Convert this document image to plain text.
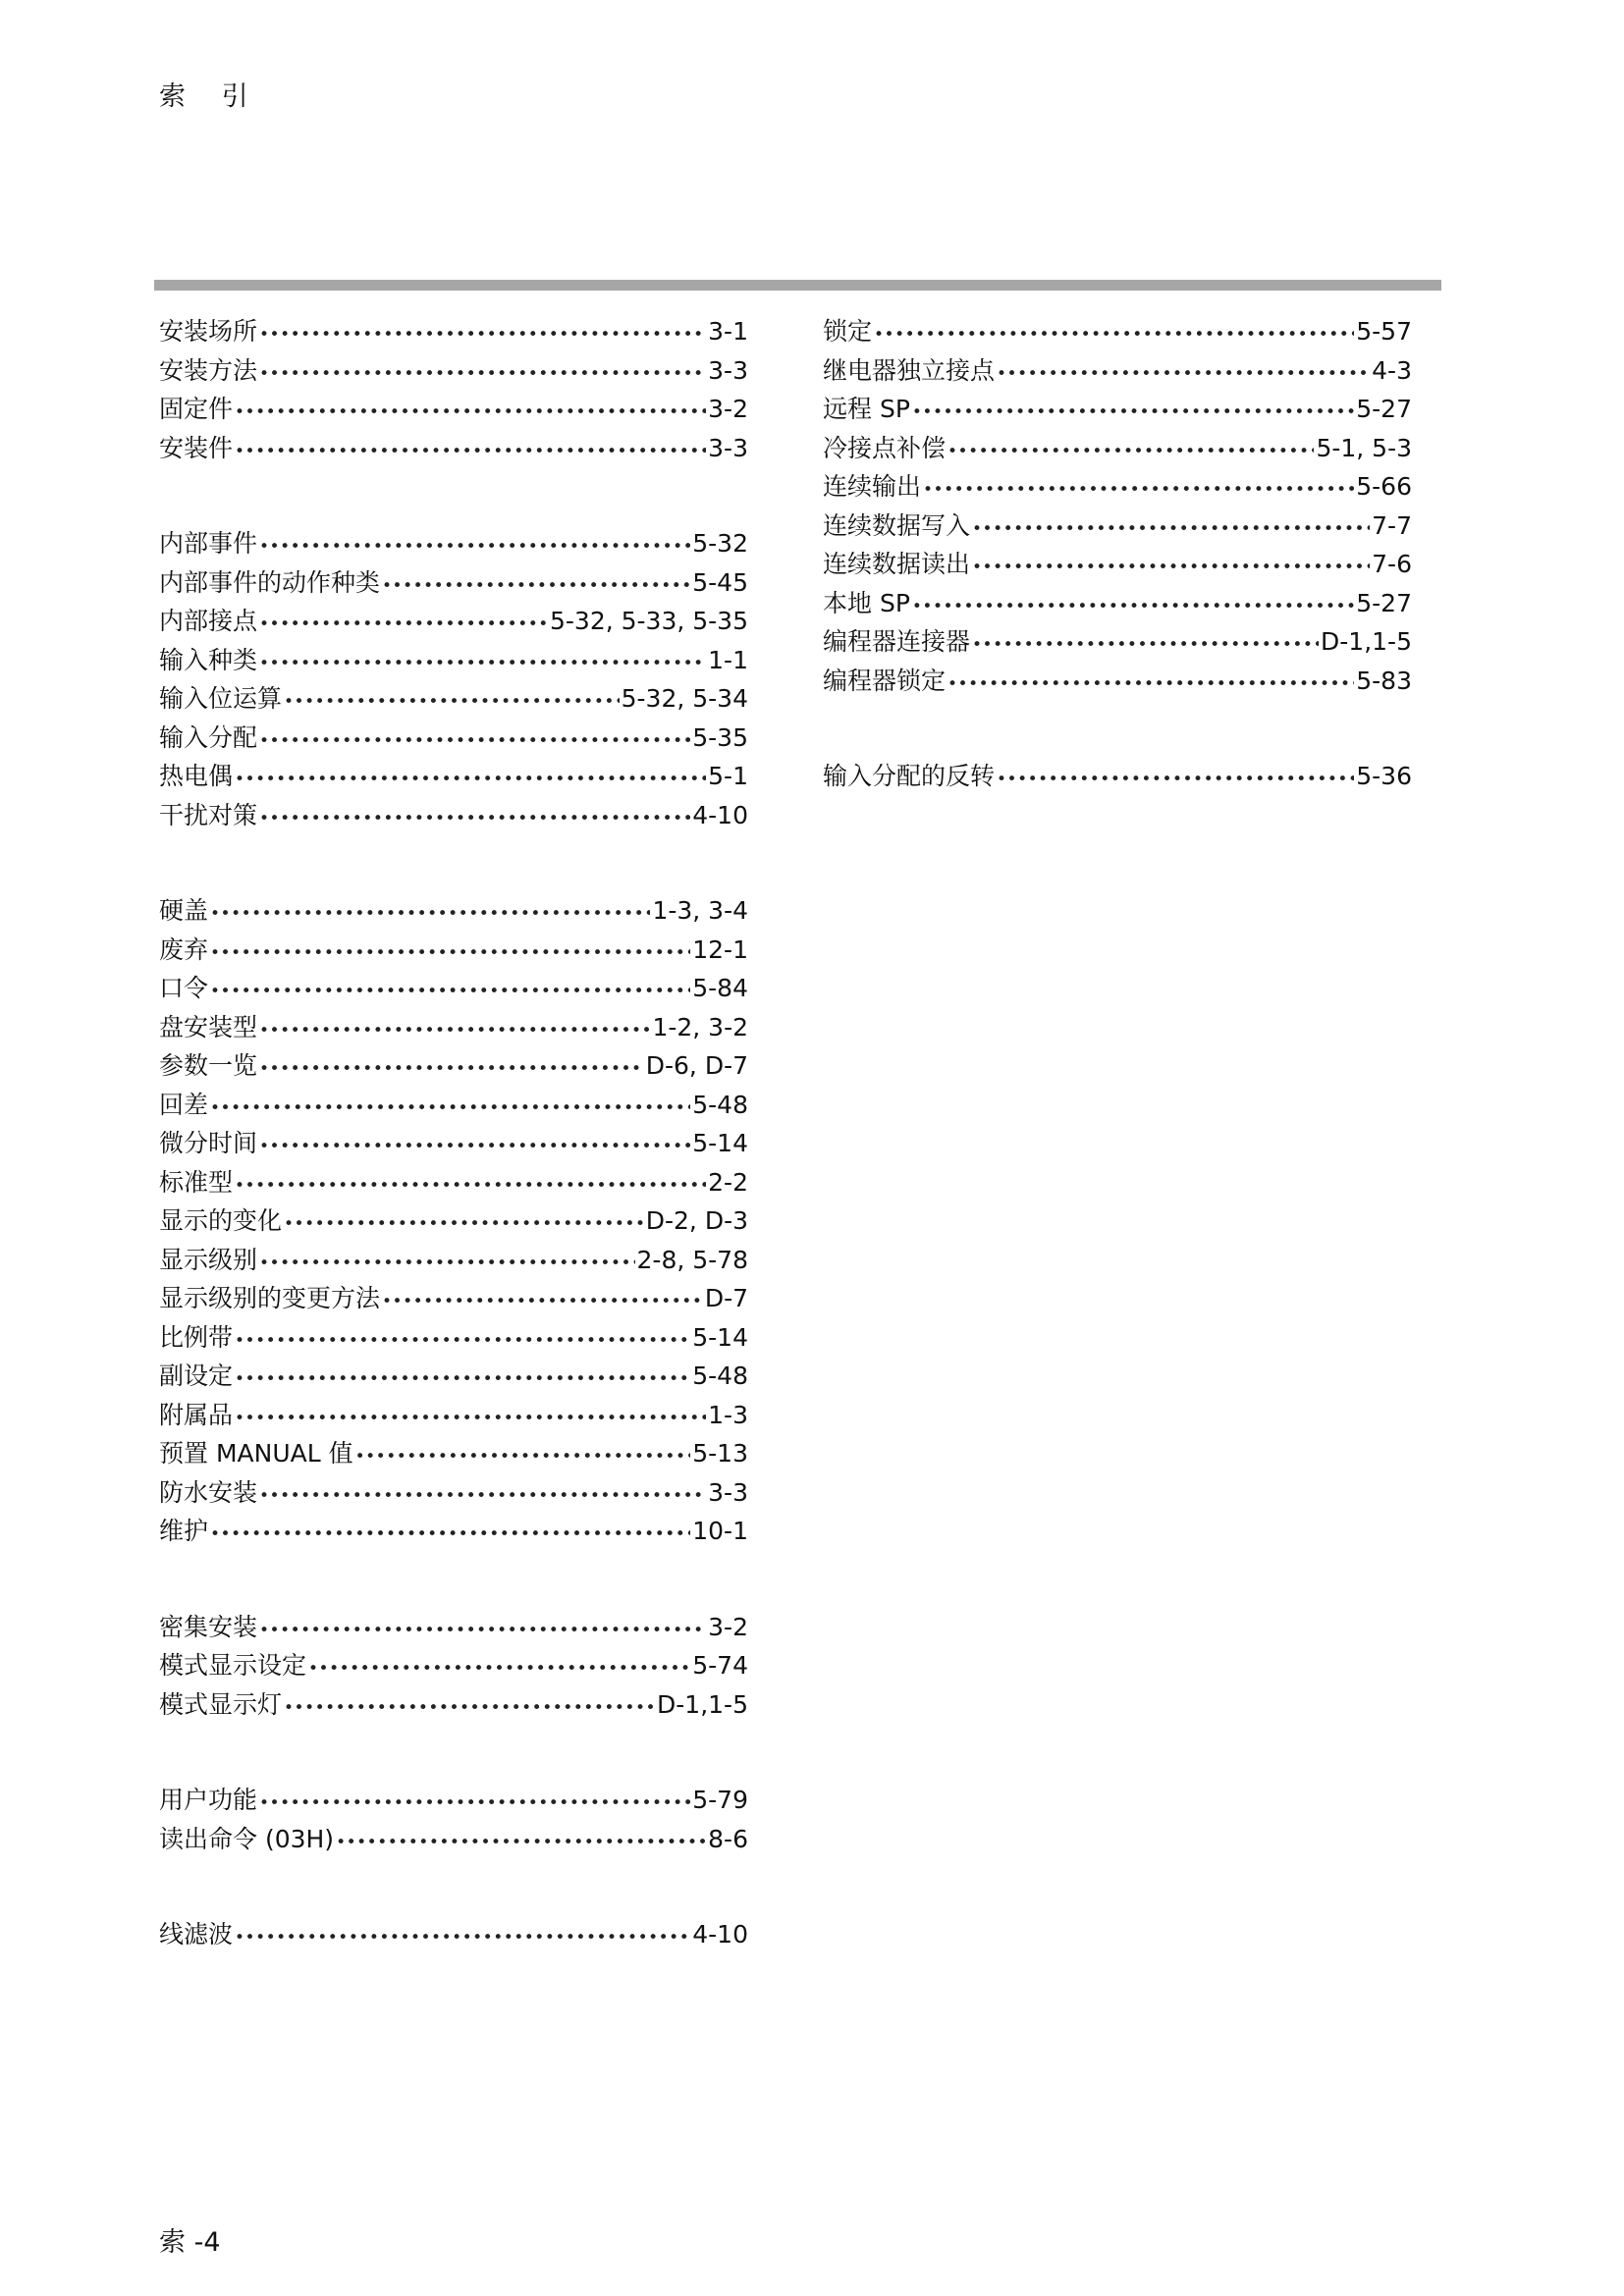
索 引
安装场所 •••••	3-1
安装方法 •••••	3-3
固定件 •••••	3-2
安装件 •••••	3-3
内部事件 •••••	5-32
内部事件的动作种类 •••••	5-45
内部接点 •••••	5-32, 5-33, 5-35
输入种类 •••••	1-1
输入位运算 •••••	5-32, 5-34
输入分配 •••••	5-35
热电偶 •••••	5-1
干扰对策 •••••	4-10
硬盖 •••••	1-3, 3-4
废弃 •••••	12-1
口令 •••••	5-84
盘安装型 •••••	1-2, 3-2
参数一览 •••••	D-6, D-7
回差 •••••	5-48
微分时间 •••••	5-14
标准型 •••••	2-2
显示的变化 •••••	D-2, D-3
显示级别 •••••	2-8, 5-78
显示级别的变更方法 •••••	D-7
比例带 •••••	5-14
副设定 •••••	5-48
附属品 •••••	1-3
预置 MANUAL 值 •••••	5-13
防水安装 •••••	3-3
维护 •••••	10-1
密集安装 •••••	3-2
模式显示设定 •••••	5-74
模式显示灯 •••••	D-1,1-5
用户功能 •••••	5-79
读出命令 (03H) •••••	8-6
线滤波 •••••	4-10
锁定 •••••	5-57
继电器独立接点 •••••	4-3
远程 SP •••••	5-27
冷接点补偿 •••••	5-1, 5-3
连续输出 •••••	5-66
连续数据写入 •••••	7-7
连续数据读出 •••••	7-6
本地 SP •••••	5-27
编程器连接器 •••••	D-1,1-5
编程器锁定 •••••	5-83
输入分配的反转 •••••	5-36
索 -4
